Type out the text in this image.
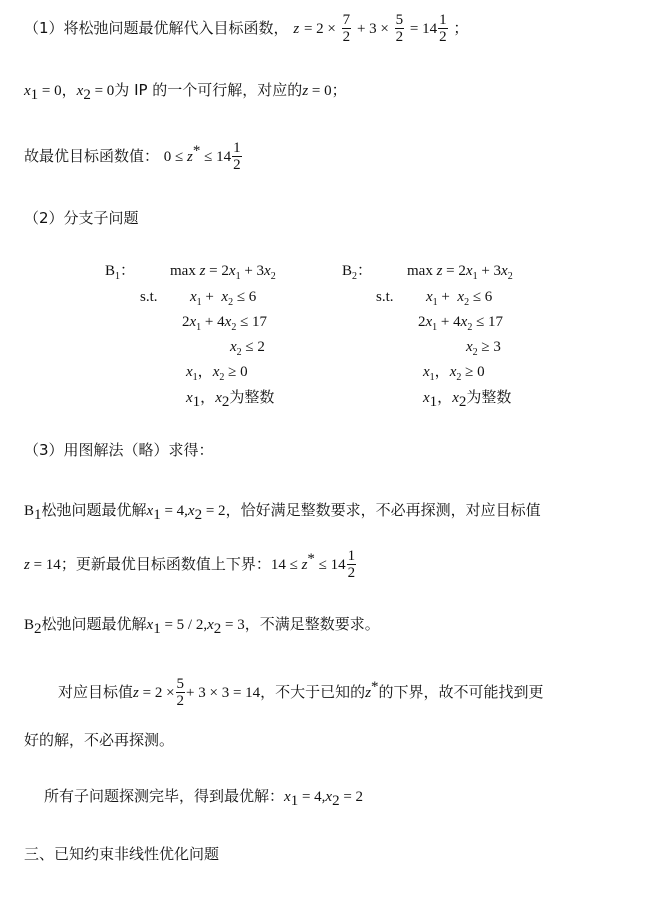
（1）将松弛问题最优解代入目标函数， $z = 2 \times \frac{7}{2} + 3 \times \frac{5}{2} = 14 \frac{1}{2}$ ；
$x_1 = 0$，$x_2 = 0$为 IP 的一个可行解，对应的z = 0；
故最优目标函数值： $0 \le z^* \le 14 \frac{1}{2}$
（2）分支子问题
$B_1$： $\max z = 2x_1 + 3x_2$
s.t. $x_1 + x_2 \le 6$
$2x_1 + 4x_2 \le 17$
$x_2 \le 2$
$x_1$，$x_2 \ge 0$
$x_1$，$x_2$为整数
$B_2$： $\max z = 2x_1 + 3x_2$
s.t. $x_1 + x_2 \le 6$
$2x_1 + 4x_2 \le 17$
$x_2 \ge 3$
$x_1$，$x_2 \ge 0$
$x_1$，$x_2$为整数
（3）用图解法（略）求得：
$B_1$松弛问题最优解$x_1 = 4,x_2 = 2$，恰好满足整数要求，不必再探测，对应目标值
z = 14；更新最优目标函数值上下界：$14 \le z^* \le 14 \frac{1}{2}$
$B_2$松弛问题最优解$x_1 = 5 / 2,x_2 = 3$，不满足整数要求。
对应目标值$z = 2 \times \frac{5}{2} + 3 \times 3 = 14$，不大于已知的z*的下界，故不可能找到更
好的解，不必再探测。
所有子问题探测完毕，得到最优解：$x_1 = 4,x_2 = 2$
三、已知约束非线性优化问题
